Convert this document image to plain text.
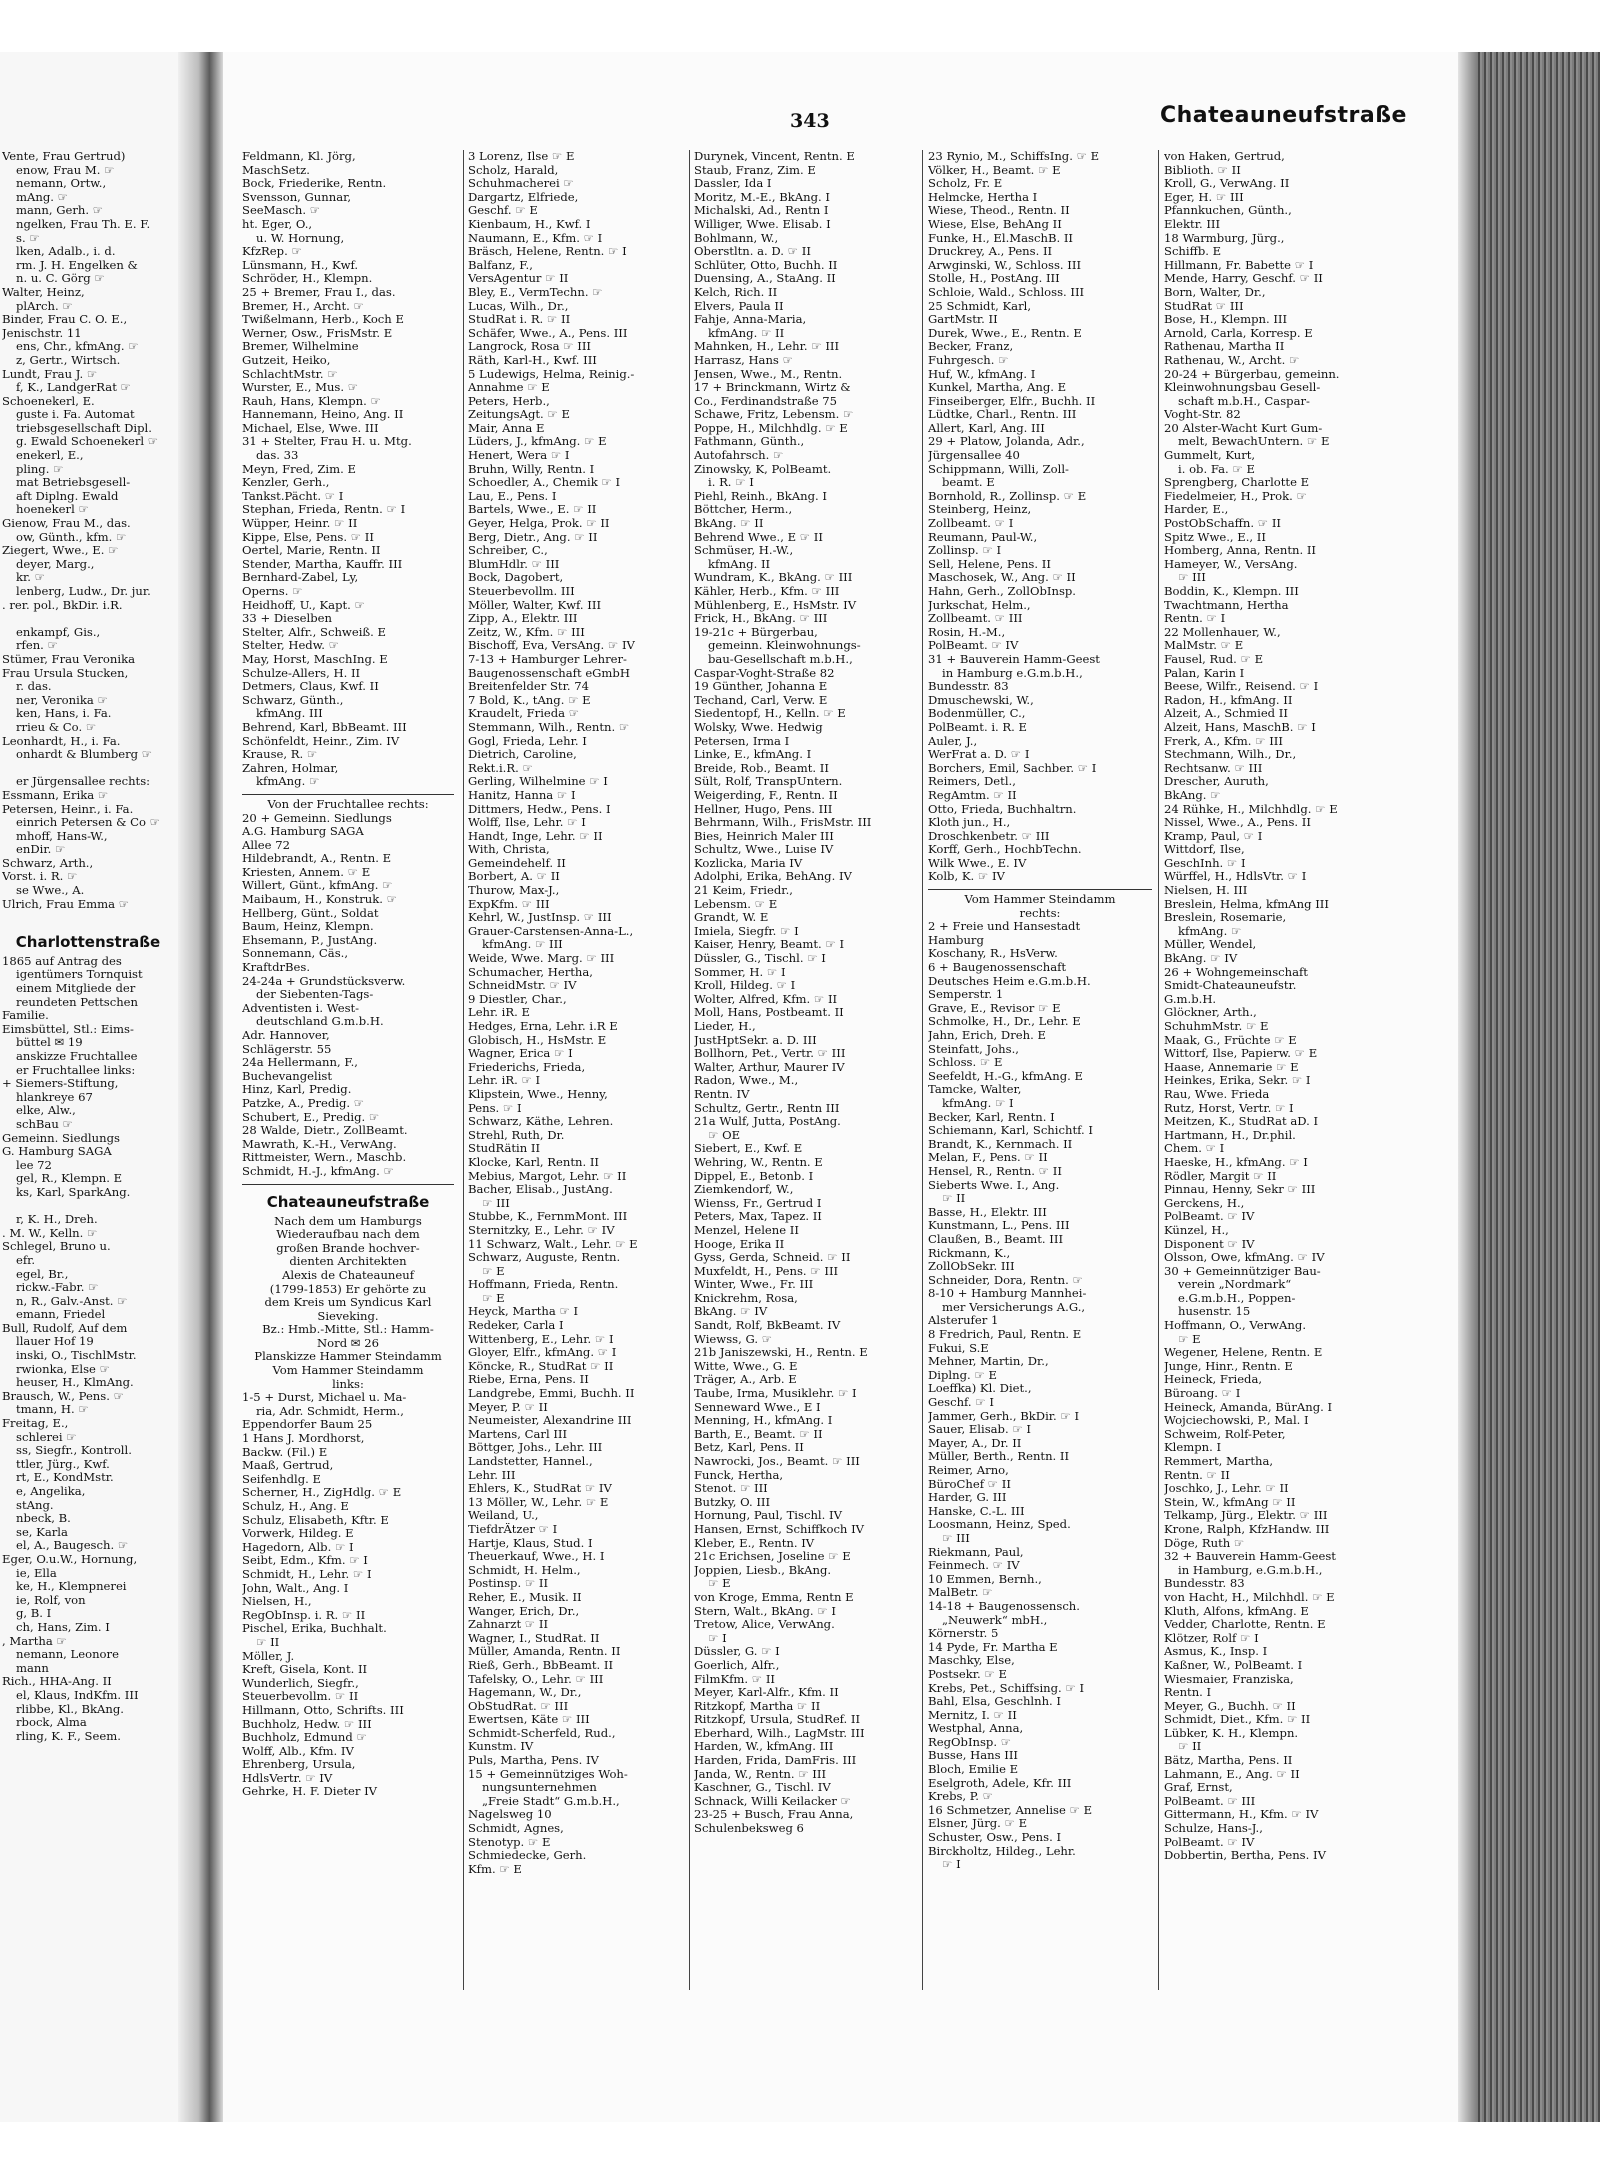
Vente, Frau Gertrud)
enow, Frau M. ☞
nemann, Ortw.,
mAng. ☞
mann, Gerh. ☞
ngelken, Frau Th. E. F.
s. ☞
lken, Adalb., i. d.
rm. J. H. Engelken &
n. u. C. Görg ☞
Walter, Heinz,
plArch. ☞
Binder, Frau C. O. E.,
Jenischstr. 11
ens, Chr., kfmAng. ☞
z, Gertr., Wirtsch.
Lundt, Frau J. ☞
f, K., LandgerRat ☞
Schoenekerl, E.
guste i. Fa. Automat
triebsgesellschaft Dipl.
g. Ewald Schoenekerl ☞
enekerl, E.,
pling. ☞
mat Betriebsgesell-
aft Diplng. Ewald
hoenekerl ☞
Gienow, Frau M., das.
ow, Günth., kfm. ☞
Ziegert, Wwe., E. ☞
deyer, Marg.,
kr. ☞
lenberg, Ludw., Dr. jur.
. rer. pol., BkDir. i.R.
enkampf, Gis.,
rfen. ☞
Stümer, Frau Veronika
Frau Ursula Stucken,
r. das.
ner, Veronika ☞
ken, Hans, i. Fa.
rrieu & Co. ☞
Leonhardt, H., i. Fa.
onhardt & Blumberg ☞
er Jürgensallee rechts:
Essmann, Erika ☞
Petersen, Heinr., i. Fa.
einrich Petersen & Co ☞
mhoff, Hans-W.,
enDir. ☞
Schwarz, Arth.,
Vorst. i. R. ☞
se Wwe., A.
Ulrich, Frau Emma ☞
Charlottenstraße
1865 auf Antrag des
igentümers Tornquist
einem Mitgliede der
reundeten Pettschen
Familie.
Eimsbüttel, Stl.: Eims-
büttel ✉ 19
anskizze Fruchtallee
er Fruchtallee links:
+ Siemers-Stiftung,
hlankreye 67
elke, Alw.,
schBau ☞
Gemeinn. Siedlungs
G. Hamburg SAGA
lee 72
gel, R., Klempn. E
ks, Karl, SparkAng.
r, K. H., Dreh.
. M. W., Kelln. ☞
Schlegel, Bruno u.
efr.
egel, Br.,
rickw.-Fabr. ☞
n, R., Galv.-Anst. ☞
emann, Friedel
Bull, Rudolf, Auf dem
llauer Hof 19
inski, O., TischlMstr.
rwionka, Else ☞
heuser, H., KlmAng.
Brausch, W., Pens. ☞
tmann, H. ☞
Freitag, E.,
schlerei ☞
ss, Siegfr., Kontroll.
ttler, Jürg., Kwf.
rt, E., KondMstr.
e, Angelika,
stAng.
nbeck, B.
se, Karla
el, A., Baugesch. ☞
Eger, O.u.W., Hornung,
ie, Ella
ke, H., Klempnerei
ie, Rolf, von
g, B. I
ch, Hans, Zim. I
, Martha ☞
nemann, Leonore
mann
Rich., HHA-Ang. II
el, Klaus, IndKfm. III
rlibbe, Kl., BkAng.
rbock, Alma
rling, K. F., Seem.
343	Chateauneufstraße
Feldmann, Kl. Jörg,
MaschSetz.
Bock, Friederike, Rentn.
Svensson, Gunnar,
SeeMasch. ☞
ht. Eger, O.,
u. W. Hornung,
KfzRep. ☞
Lünsmann, H., Kwf.
Schröder, H., Klempn.
25 + Bremer, Frau I., das.
Bremer, H., Archt. ☞
Twißelmann, Herb., Koch E
Werner, Osw., FrisMstr. E
Bremer, Wilhelmine
Gutzeit, Heiko,
SchlachtMstr. ☞
Wurster, E., Mus. ☞
Rauh, Hans, Klempn. ☞
Hannemann, Heino, Ang. II
Michael, Else, Wwe. III
31 + Stelter, Frau H. u. Mtg.
das. 33
Meyn, Fred, Zim. E
Kenzler, Gerh.,
Tankst.Pächt. ☞ I
Stephan, Frieda, Rentn. ☞ I
Wüpper, Heinr. ☞ II
Kippe, Else, Pens. ☞ II
Oertel, Marie, Rentn. II
Stender, Martha, Kauffr. III
Bernhard-Zabel, Ly,
Operns. ☞
Heidhoff, U., Kapt. ☞
33 + Dieselben
Stelter, Alfr., Schweiß. E
Stelter, Hedw. ☞
May, Horst, MaschIng. E
Schulze-Allers, H. II
Detmers, Claus, Kwf. II
Schwarz, Günth.,
kfmAng. III
Behrend, Karl, BbBeamt. III
Schönfeldt, Heinr., Zim. IV
Krause, R. ☞
Zahren, Holmar,
kfmAng. ☞
Von der Fruchtallee rechts:
20 + Gemeinn. Siedlungs
A.G. Hamburg SAGA
Allee 72
Hildebrandt, A., Rentn. E
Kriesten, Annem. ☞ E
Willert, Günt., kfmAng. ☞
Maibaum, H., Konstruk. ☞
Hellberg, Günt., Soldat
Baum, Heinz, Klempn.
Ehsemann, P., JustAng.
Sonnemann, Cäs.,
KraftdrBes.
24-24a + Grundstücksverw.
der Siebenten-Tags-
Adventisten i. West-
deutschland G.m.b.H.
Adr. Hannover,
Schlägerstr. 55
24a Hellermann, F.,
Buchevangelist
Hinz, Karl, Predig.
Patzke, A., Predig. ☞
Schubert, E., Predig. ☞
28 Walde, Dietr., ZollBeamt.
Mawrath, K.-H., VerwAng.
Rittmeister, Wern., Maschb.
Schmidt, H.-J., kfmAng. ☞
Chateauneufstraße
Nach dem um Hamburgs
Wiederaufbau nach dem
großen Brande hochver-
dienten Architekten
Alexis de Chateauneuf
(1799-1853) Er gehörte zu
dem Kreis um Syndicus Karl
Sieveking.
Bz.: Hmb.-Mitte, Stl.: Hamm-
Nord ✉ 26
Planskizze Hammer Steindamm
Vom Hammer Steindamm
links:
1-5 + Durst, Michael u. Ma-
ria, Adr. Schmidt, Herm.,
Eppendorfer Baum 25
1 Hans J. Mordhorst,
Backw. (Fil.) E
Maaß, Gertrud,
Seifenhdlg. E
Scherner, H., ZigHdlg. ☞ E
Schulz, H., Ang. E
Schulz, Elisabeth, Kftr. E
Vorwerk, Hildeg. E
Hagedorn, Alb. ☞ I
Seibt, Edm., Kfm. ☞ I
Schmidt, H., Lehr. ☞ I
John, Walt., Ang. I
Nielsen, H.,
RegObInsp. i. R. ☞ II
Pischel, Erika, Buchhalt.
☞ II
Möller, J.
Kreft, Gisela, Kont. II
Wunderlich, Siegfr.,
Steuerbevollm. ☞ II
Hillmann, Otto, Schrifts. III
Buchholz, Hedw. ☞ III
Buchholz, Edmund ☞
Wolff, Alb., Kfm. IV
Ehrenberg, Ursula,
HdlsVertr. ☞ IV
Gehrke, H. F. Dieter IV
3 Lorenz, Ilse ☞ E
Scholz, Harald,
Schuhmacherei ☞
Dargartz, Elfriede,
Geschf. ☞ E
Kienbaum, H., Kwf. I
Naumann, E., Kfm. ☞ I
Bräsch, Helene, Rentn. ☞ I
Balfanz, F.,
VersAgentur ☞ II
Bley, E., VermTechn. ☞
Lucas, Wilh., Dr.,
StudRat i. R. ☞ II
Schäfer, Wwe., A., Pens. III
Langrock, Rosa ☞ III
Räth, Karl-H., Kwf. III
5 Ludewigs, Helma, Reinig.-
Annahme ☞ E
Peters, Herb.,
ZeitungsAgt. ☞ E
Mair, Anna E
Lüders, J., kfmAng. ☞ E
Henert, Wera ☞ I
Bruhn, Willy, Rentn. I
Schoedler, A., Chemik ☞ I
Lau, E., Pens. I
Bartels, Wwe., E. ☞ II
Geyer, Helga, Prok. ☞ II
Berg, Dietr., Ang. ☞ II
Schreiber, C.,
BlumHdlr. ☞ III
Bock, Dagobert,
Steuerbevollm. III
Möller, Walter, Kwf. III
Zipp, A., Elektr. III
Zeitz, W., Kfm. ☞ III
Bischoff, Eva, VersAng. ☞ IV
7-13 + Hamburger Lehrer-
Baugenossenschaft eGmbH
Breitenfelder Str. 74
7 Bold, K., tAng. ☞ E
Kraudelt, Frieda ☞
Stemmann, Wilh., Rentn. ☞
Gogl, Frieda, Lehr. I
Dietrich, Caroline,
Rekt.i.R. ☞
Gerling, Wilhelmine ☞ I
Hanitz, Hanna ☞ I
Dittmers, Hedw., Pens. I
Wolff, Ilse, Lehr. ☞ I
Handt, Inge, Lehr. ☞ II
With, Christa,
Gemeindehelf. II
Borbert, A. ☞ II
Thurow, Max-J.,
ExpKfm. ☞ III
Kehrl, W., JustInsp. ☞ III
Grauer-Carstensen-Anna-L.,
kfmAng. ☞ III
Weide, Wwe. Marg. ☞ III
Schumacher, Hertha,
SchneidMstr. ☞ IV
9 Diestler, Char.,
Lehr. iR. E
Hedges, Erna, Lehr. i.R E
Globisch, H., HsMstr. E
Wagner, Erica ☞ I
Friederichs, Frieda,
Lehr. iR. ☞ I
Klipstein, Wwe., Henny,
Pens. ☞ I
Schwarz, Käthe, Lehren.
Strehl, Ruth, Dr.
StudRätin II
Klocke, Karl, Rentn. II
Mebius, Margot, Lehr. ☞ II
Bacher, Elisab., JustAng.
☞ III
Stubbe, K., FernmMont. III
Sternitzky, E., Lehr. ☞ IV
11 Schwarz, Walt., Lehr. ☞ E
Schwarz, Auguste, Rentn.
☞ E
Hoffmann, Frieda, Rentn.
☞ E
Heyck, Martha ☞ I
Redeker, Carla I
Wittenberg, E., Lehr. ☞ I
Gloyer, Elfr., kfmAng. ☞ I
Köncke, R., StudRat ☞ II
Riebe, Erna, Pens. II
Landgrebe, Emmi, Buchh. II
Meyer, P. ☞ II
Neumeister, Alexandrine III
Martens, Carl III
Böttger, Johs., Lehr. III
Landstetter, Hannel.,
Lehr. III
Ehlers, K., StudRat ☞ IV
13 Möller, W., Lehr. ☞ E
Weiland, U.,
TiefdrÄtzer ☞ I
Hartje, Klaus, Stud. I
Theuerkauf, Wwe., H. I
Schmidt, H. Helm.,
Postinsp. ☞ II
Reher, E., Musik. II
Wanger, Erich, Dr.,
Zahnarzt ☞ II
Wagner, I., StudRat. II
Müller, Amanda, Rentn. II
Rieß, Gerh., BbBeamt. II
Tafelsky, O., Lehr. ☞ III
Hagemann, W., Dr.,
ObStudRat. ☞ III
Ewertsen, Käte ☞ III
Schmidt-Scherfeld, Rud.,
Kunstm. IV
Puls, Martha, Pens. IV
15 + Gemeinnütziges Woh-
nungsunternehmen
„Freie Stadt“ G.m.b.H.,
Nagelsweg 10
Schmidt, Agnes,
Stenotyp. ☞ E
Schmiedecke, Gerh.
Kfm. ☞ E
Durynek, Vincent, Rentn. E
Staub, Franz, Zim. E
Dassler, Ida I
Moritz, M.-E., BkAng. I
Michalski, Ad., Rentn I
Williger, Wwe. Elisab. I
Bohlmann, W.,
Oberstltn. a. D. ☞ II
Schlüter, Otto, Buchh. II
Duensing, A., StaAng. II
Kelch, Rich. II
Elvers, Paula II
Fahje, Anna-Maria,
kfmAng. ☞ II
Mahnken, H., Lehr. ☞ III
Harrasz, Hans ☞
Jensen, Wwe., M., Rentn.
17 + Brinckmann, Wirtz &
Co., Ferdinandstraße 75
Schawe, Fritz, Lebensm. ☞
Poppe, H., Milchhdlg. ☞ E
Fathmann, Günth.,
Autofahrsch. ☞
Zinowsky, K, PolBeamt.
i. R. ☞ I
Piehl, Reinh., BkAng. I
Böttcher, Herm.,
BkAng. ☞ II
Behrend Wwe., E ☞ II
Schmüser, H.-W.,
kfmAng. II
Wundram, K., BkAng. ☞ III
Kähler, Herb., Kfm. ☞ III
Mühlenberg, E., HsMstr. IV
Frick, H., BkAng. ☞ III
19-21c + Bürgerbau,
gemeinn. Kleinwohnungs-
bau-Gesellschaft m.b.H.,
Caspar-Voght-Straße 82
19 Günther, Johanna E
Techand, Carl, Verw. E
Siedentopf, H., Kelln. ☞ E
Wolsky, Wwe. Hedwig
Petersen, Irma I
Linke, E., kfmAng. I
Breide, Rob., Beamt. II
Sült, Rolf, TranspUntern.
Weigerding, F., Rentn. II
Hellner, Hugo, Pens. III
Behrmann, Wilh., FrisMstr. III
Bies, Heinrich Maler III
Schultz, Wwe., Luise IV
Kozlicka, Maria IV
Adolphi, Erika, BehAng. IV
21 Keim, Friedr.,
Lebensm. ☞ E
Grandt, W. E
Imiela, Siegfr. ☞ I
Kaiser, Henry, Beamt. ☞ I
Düssler, G., Tischl. ☞ I
Sommer, H. ☞ I
Kroll, Hildeg. ☞ I
Wolter, Alfred, Kfm. ☞ II
Moll, Hans, Postbeamt. II
Lieder, H.,
JustHptSekr. a. D. III
Bollhorn, Pet., Vertr. ☞ III
Walter, Arthur, Maurer IV
Radon, Wwe., M.,
Rentn. IV
Schultz, Gertr., Rentn III
21a Wulf, Jutta, PostAng.
☞ OE
Siebert, E., Kwf. E
Wehring, W., Rentn. E
Dippel, E., Betonb. I
Ziemkendorf, W.,
Wienss, Fr., Gertrud I
Peters, Max, Tapez. II
Menzel, Helene II
Hooge, Erika II
Gyss, Gerda, Schneid. ☞ II
Muxfeldt, H., Pens. ☞ III
Winter, Wwe., Fr. III
Knickrehm, Rosa,
BkAng. ☞ IV
Sandt, Rolf, BkBeamt. IV
Wiewss, G. ☞
21b Janiszewski, H., Rentn. E
Witte, Wwe., G. E
Träger, A., Arb. E
Taube, Irma, Musiklehr. ☞ I
Senneward Wwe., E I
Menning, H., kfmAng. I
Barth, E., Beamt. ☞ II
Betz, Karl, Pens. II
Nawrocki, Jos., Beamt. ☞ III
Funck, Hertha,
Stenot. ☞ III
Butzky, O. III
Hornung, Paul, Tischl. IV
Hansen, Ernst, Schiffkoch IV
Kleber, E., Rentn. IV
21c Erichsen, Joseline ☞ E
Joppien, Liesb., BkAng.
☞ E
von Kroge, Emma, Rentn E
Stern, Walt., BkAng. ☞ I
Tretow, Alice, VerwAng.
☞ I
Düssler, G. ☞ I
Goerlich, Alfr.,
FilmKfm. ☞ II
Meyer, Karl-Alfr., Kfm. II
Ritzkopf, Martha ☞ II
Ritzkopf, Ursula, StudRef. II
Eberhard, Wilh., LagMstr. III
Harden, W., kfmAng. III
Harden, Frida, DamFris. III
Janda, W., Rentn. ☞ III
Kaschner, G., Tischl. IV
Schnack, Willi Keilacker ☞
23-25 + Busch, Frau Anna,
Schulenbeksweg 6
23 Rynio, M., SchiffsIng. ☞ E
Völker, H., Beamt. ☞ E
Scholz, Fr. E
Helmcke, Hertha I
Wiese, Theod., Rentn. II
Wiese, Else, BehAng II
Funke, H., El.MaschB. II
Druckrey, A., Pens. II
Arwginski, W., Schloss. III
Stolle, H., PostAng. III
Schloie, Wald., Schloss. III
25 Schmidt, Karl,
GartMstr. II
Durek, Wwe., E., Rentn. E
Becker, Franz,
Fuhrgesch. ☞
Huf, W., kfmAng. I
Kunkel, Martha, Ang. E
Finseiberger, Elfr., Buchh. II
Lüdtke, Charl., Rentn. III
Allert, Karl, Ang. III
29 + Platow, Jolanda, Adr.,
Jürgensallee 40
Schippmann, Willi, Zoll-
beamt. E
Bornhold, R., Zollinsp. ☞ E
Steinberg, Heinz,
Zollbeamt. ☞ I
Reumann, Paul-W.,
Zollinsp. ☞ I
Sell, Helene, Pens. II
Maschosek, W., Ang. ☞ II
Hahn, Gerh., ZollObInsp.
Jurkschat, Helm.,
Zollbeamt. ☞ III
Rosin, H.-M.,
PolBeamt. ☞ IV
31 + Bauverein Hamm-Geest
in Hamburg e.G.m.b.H.,
Bundesstr. 83
Dmuschewski, W.,
Bodenmüller, C.,
PolBeamt. i. R. E
Auler, J.,
WerFrat a. D. ☞ I
Borchers, Emil, Sachber. ☞ I
Reimers, Detl.,
RegAmtm. ☞ II
Otto, Frieda, Buchhaltrn.
Kloth jun., H.,
Droschkenbetr. ☞ III
Korff, Gerh., HochbTechn.
Wilk Wwe., E. IV
Kolb, K. ☞ IV
Vom Hammer Steindamm
rechts:
2 + Freie und Hansestadt
Hamburg
Koschany, R., HsVerw.
6 + Baugenossenschaft
Deutsches Heim e.G.m.b.H.
Semperstr. 1
Grave, E., Revisor ☞ E
Schmolke, H., Dr., Lehr. E
Jahn, Erich, Dreh. E
Steinfatt, Johs.,
Schloss. ☞ E
Seefeldt, H.-G., kfmAng. E
Tamcke, Walter,
kfmAng. ☞ I
Becker, Karl, Rentn. I
Schiemann, Karl, Schichtf. I
Brandt, K., Kernmach. II
Melan, F., Pens. ☞ II
Hensel, R., Rentn. ☞ II
Sieberts Wwe. I., Ang.
☞ II
Basse, H., Elektr. III
Kunstmann, L., Pens. III
Claußen, B., Beamt. III
Rickmann, K.,
ZollObSekr. III
Schneider, Dora, Rentn. ☞
8-10 + Hamburg Mannhei-
mer Versicherungs A.G.,
Alsterufer 1
8 Fredrich, Paul, Rentn. E
Fukui, S.E
Mehner, Martin, Dr.,
Diplng. ☞ E
Loeffka) Kl. Diet.,
Geschf. ☞ I
Jammer, Gerh., BkDir. ☞ I
Sauer, Elisab. ☞ I
Mayer, A., Dr. II
Müller, Berth., Rentn. II
Reimer, Arno,
BüroChef ☞ II
Harder, G. III
Hanske, C.-L. III
Loosmann, Heinz, Sped.
☞ III
Riekmann, Paul,
Feinmech. ☞ IV
10 Emmen, Bernh.,
MalBetr. ☞
14-18 + Baugenossensch.
„Neuwerk“ mbH.,
Körnerstr. 5
14 Pyde, Fr. Martha E
Maschky, Else,
Postsekr. ☞ E
Krebs, Pet., Schiffsing. ☞ I
Bahl, Elsa, Geschlnh. I
Mernitz, I. ☞ II
Westphal, Anna,
RegObInsp. ☞
Busse, Hans III
Bloch, Emilie E
Eselgroth, Adele, Kfr. III
Krebs, P. ☞
16 Schmetzer, Annelise ☞ E
Elsner, Jürg. ☞ E
Schuster, Osw., Pens. I
Birckholtz, Hildeg., Lehr.
☞ I
von Haken, Gertrud,
Biblioth. ☞ II
Kroll, G., VerwAng. II
Eger, H. ☞ III
Pfannkuchen, Günth.,
Elektr. III
18 Warmburg, Jürg.,
Schiffb. E
Hillmann, Fr. Babette ☞ I
Mende, Harry, Geschf. ☞ II
Born, Walter, Dr.,
StudRat ☞ III
Bose, H., Klempn. III
Arnold, Carla, Korresp. E
Rathenau, Martha II
Rathenau, W., Archt. ☞
20-24 + Bürgerbau, gemeinn.
Kleinwohnungsbau Gesell-
schaft m.b.H., Caspar-
Voght-Str. 82
20 Alster-Wacht Kurt Gum-
melt, BewachUntern. ☞ E
Gummelt, Kurt,
i. ob. Fa. ☞ E
Sprengberg, Charlotte E
Fiedelmeier, H., Prok. ☞
Harder, E.,
PostObSchaffn. ☞ II
Spitz Wwe., E., II
Homberg, Anna, Rentn. II
Hameyer, W., VersAng.
☞ III
Boddin, K., Klempn. III
Twachtmann, Hertha
Rentn. ☞ I
22 Mollenhauer, W.,
MalMstr. ☞ E
Fausel, Rud. ☞ E
Palan, Karin I
Beese, Wilfr., Reisend. ☞ I
Radon, H., kfmAng. II
Alzeit, A., Schmied II
Alzeit, Hans, MaschB. ☞ I
Frerk, A., Kfm. ☞ III
Stechmann, Wilh., Dr.,
Rechtsanw. ☞ III
Drescher, Auruth,
BkAng. ☞
24 Rühke, H., Milchhdlg. ☞ E
Nissel, Wwe., A., Pens. II
Kramp, Paul, ☞ I
Wittdorf, Ilse,
GeschInh. ☞ I
Würffel, H., HdlsVtr. ☞ I
Nielsen, H. III
Breslein, Helma, kfmAng III
Breslein, Rosemarie,
kfmAng. ☞
Müller, Wendel,
BkAng. ☞ IV
26 + Wohngemeinschaft
Smidt-Chateauneufstr.
G.m.b.H.
Glöckner, Arth.,
SchuhmMstr. ☞ E
Maak, G., Früchte ☞ E
Wittorf, Ilse, Papierw. ☞ E
Haase, Annemarie ☞ E
Heinkes, Erika, Sekr. ☞ I
Rau, Wwe. Frieda
Rutz, Horst, Vertr. ☞ I
Meitzen, K., StudRat aD. I
Hartmann, H., Dr.phil.
Chem. ☞ I
Haeske, H., kfmAng. ☞ I
Rödler, Margit ☞ II
Pinnau, Henny, Sekr ☞ III
Gerckens, H.,
PolBeamt. ☞ IV
Künzel, H.,
Disponent ☞ IV
Olsson, Owe, kfmAng. ☞ IV
30 + Gemeinnütziger Bau-
verein „Nordmark“
e.G.m.b.H., Poppen-
husenstr. 15
Hoffmann, O., VerwAng.
☞ E
Wegener, Helene, Rentn. E
Junge, Hinr., Rentn. E
Heineck, Frieda,
Büroang. ☞ I
Heineck, Amanda, BürAng. I
Wojciechowski, P., Mal. I
Schweim, Rolf-Peter,
Klempn. I
Remmert, Martha,
Rentn. ☞ II
Joschko, J., Lehr. ☞ II
Stein, W., kfmAng ☞ II
Telkamp, Jürg., Elektr. ☞ III
Krone, Ralph, KfzHandw. III
Döge, Ruth ☞
32 + Bauverein Hamm-Geest
in Hamburg, e.G.m.b.H.,
Bundesstr. 83
von Hacht, H., Milchhdl. ☞ E
Kluth, Alfons, kfmAng. E
Vedder, Charlotte, Rentn. E
Klötzer, Rolf ☞ I
Asmus, K., Insp. I
Kaßner, W., PolBeamt. I
Wiesmaier, Franziska,
Rentn. I
Meyer, G., Buchh. ☞ II
Schmidt, Diet., Kfm. ☞ II
Lübker, K. H., Klempn.
☞ II
Bätz, Martha, Pens. II
Lahmann, E., Ang. ☞ II
Graf, Ernst,
PolBeamt. ☞ III
Gittermann, H., Kfm. ☞ IV
Schulze, Hans-J.,
PolBeamt. ☞ IV
Dobbertin, Bertha, Pens. IV
